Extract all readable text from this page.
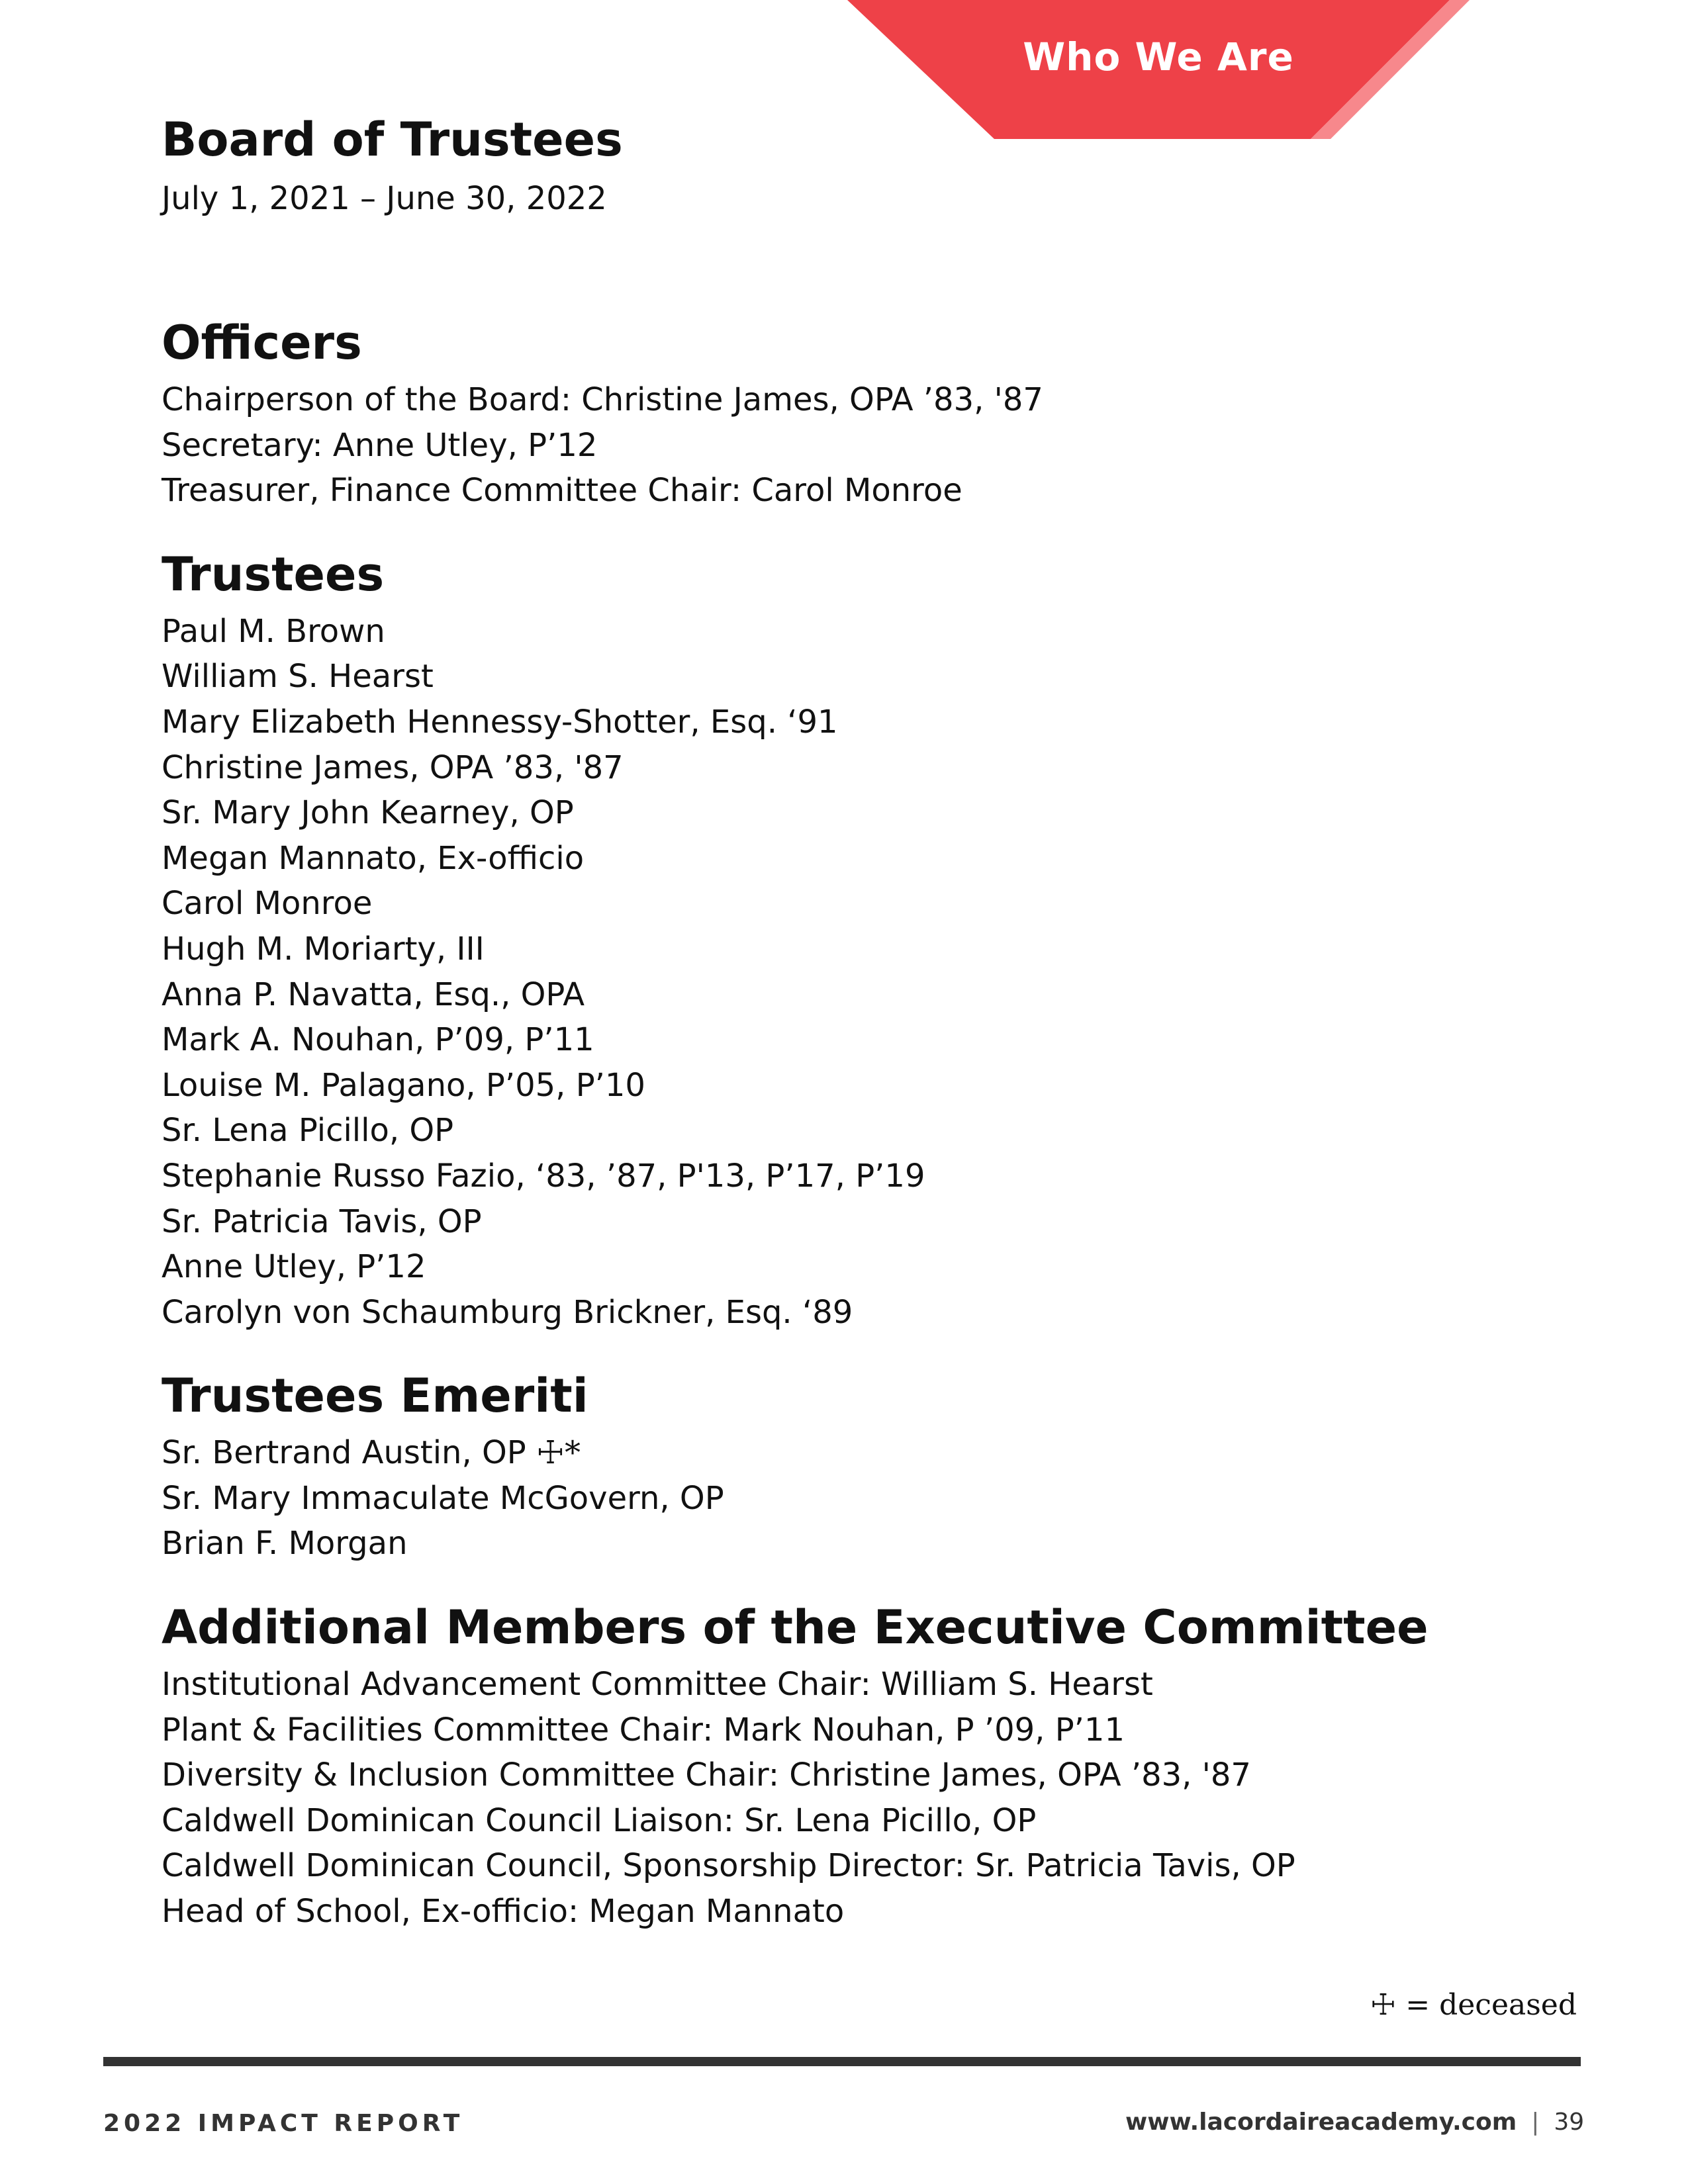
Who We Are
Board of Trustees
July 1, 2021 – June 30, 2022
Officers
Chairperson of the Board: Christine James, OPA ’83, '87
Secretary: Anne Utley, P’12
Treasurer, Finance Committee Chair: Carol Monroe
Trustees
Paul M. Brown
William S. Hearst
Mary Elizabeth Hennessy-Shotter, Esq. ‘91
Christine James, OPA ’83, '87
Sr. Mary John Kearney, OP
Megan Mannato, Ex-officio
Carol Monroe
Hugh M. Moriarty, III
Anna P. Navatta, Esq., OPA
Mark A. Nouhan, P’09, P’11
Louise M. Palagano, P’05, P’10
Sr. Lena Picillo, OP
Stephanie Russo Fazio, ‘83, ’87, P'13, P’17, P’19
Sr. Patricia Tavis, OP
Anne Utley, P’12
Carolyn von Schaumburg Brickner, Esq. ‘89
Trustees Emeriti
Sr. Bertrand Austin, OP ☩*
Sr. Mary Immaculate McGovern, OP
Brian F. Morgan
Additional Members of the Executive Committee
Institutional Advancement Committee Chair: William S. Hearst
Plant & Facilities Committee Chair: Mark Nouhan, P ’09, P’11
Diversity & Inclusion Committee Chair: Christine James, OPA ’83, '87
Caldwell Dominican Council Liaison: Sr. Lena Picillo, OP
Caldwell Dominican Council, Sponsorship Director: Sr. Patricia Tavis, OP
Head of School, Ex-officio: Megan Mannato
☩ = deceased
2022 IMPACT REPORT	www.lacordaireacademy.com | 39
